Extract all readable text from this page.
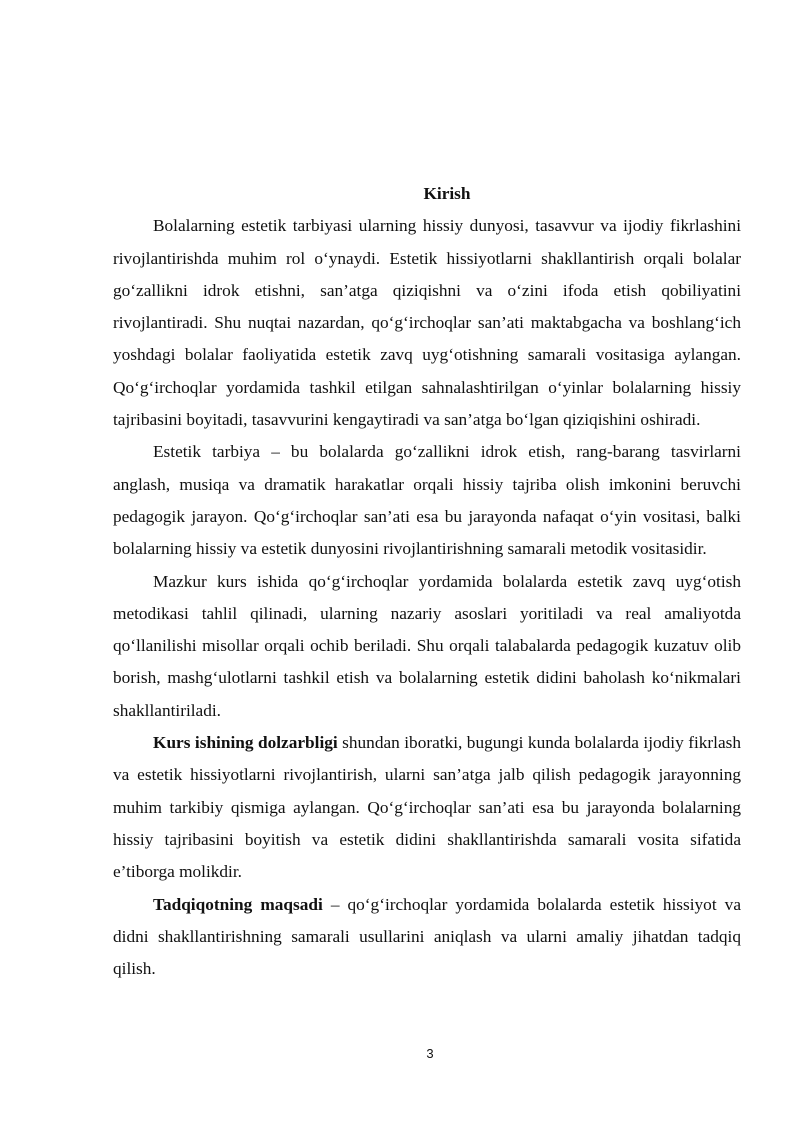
Kirish

Bolalarning estetik tarbiyasi ularning hissiy dunyosi, tasavvur va ijodiy fikrlashini rivojlantirishda muhim rol o‘ynaydi. Estetik hissiyotlarni shakllantirish orqali bolalar go‘zallikni idrok etishni, san’atga qiziqishni va o‘zini ifoda etish qobiliyatini rivojlantiradi. Shu nuqtai nazardan, qo‘g‘irchoqlar san’ati maktabgacha va boshlang‘ich yoshdagi bolalar faoliyatida estetik zavq uyg‘otishning samarali vositasiga aylangan. Qo‘g‘irchoqlar yordamida tashkil etilgan sahnalashtirilgan o‘yinlar bolalarning hissiy tajribasini boyitadi, tasavvurini kengaytiradi va san’atga bo‘lgan qiziqishini oshiradi.

Estetik tarbiya – bu bolalarda go‘zallikni idrok etish, rang-barang tasvirlarni anglash, musiqa va dramatik harakatlar orqali hissiy tajriba olish imkonini beruvchi pedagogik jarayon. Qo‘g‘irchoqlar san’ati esa bu jarayonda nafaqat o‘yin vositasi, balki bolalarning hissiy va estetik dunyosini rivojlantirishning samarali metodik vositasidir.

Mazkur kurs ishida qo‘g‘irchoqlar yordamida bolalarda estetik zavq uyg‘otish metodikasi tahlil qilinadi, ularning nazariy asoslari yoritiladi va real amaliyotda qo‘llanilishi misollar orqali ochib beriladi. Shu orqali talabalarda pedagogik kuzatuv olib borish, mashg‘ulotlarni tashkil etish va bolalarning estetik didini baholash ko‘nikmalari shakllantiriladi.

Kurs ishining dolzarbligi shundan iboratki, bugungi kunda bolalarda ijodiy fikrlash va estetik hissiyotlarni rivojlantirish, ularni san’atga jalb qilish pedagogik jarayonning muhim tarkibiy qismiga aylangan. Qo‘g‘irchoqlar san’ati esa bu jarayonda bolalarning hissiy tajribasini boyitish va estetik didini shakllantirishda samarali vosita sifatida e’tiborga molikdir.

Tadqiqotning maqsadi – qo‘g‘irchoqlar yordamida bolalarda estetik hissiyot va didni shakllantirishning samarali usullarini aniqlash va ularni amaliy jihatdan tadqiq qilish.

3
